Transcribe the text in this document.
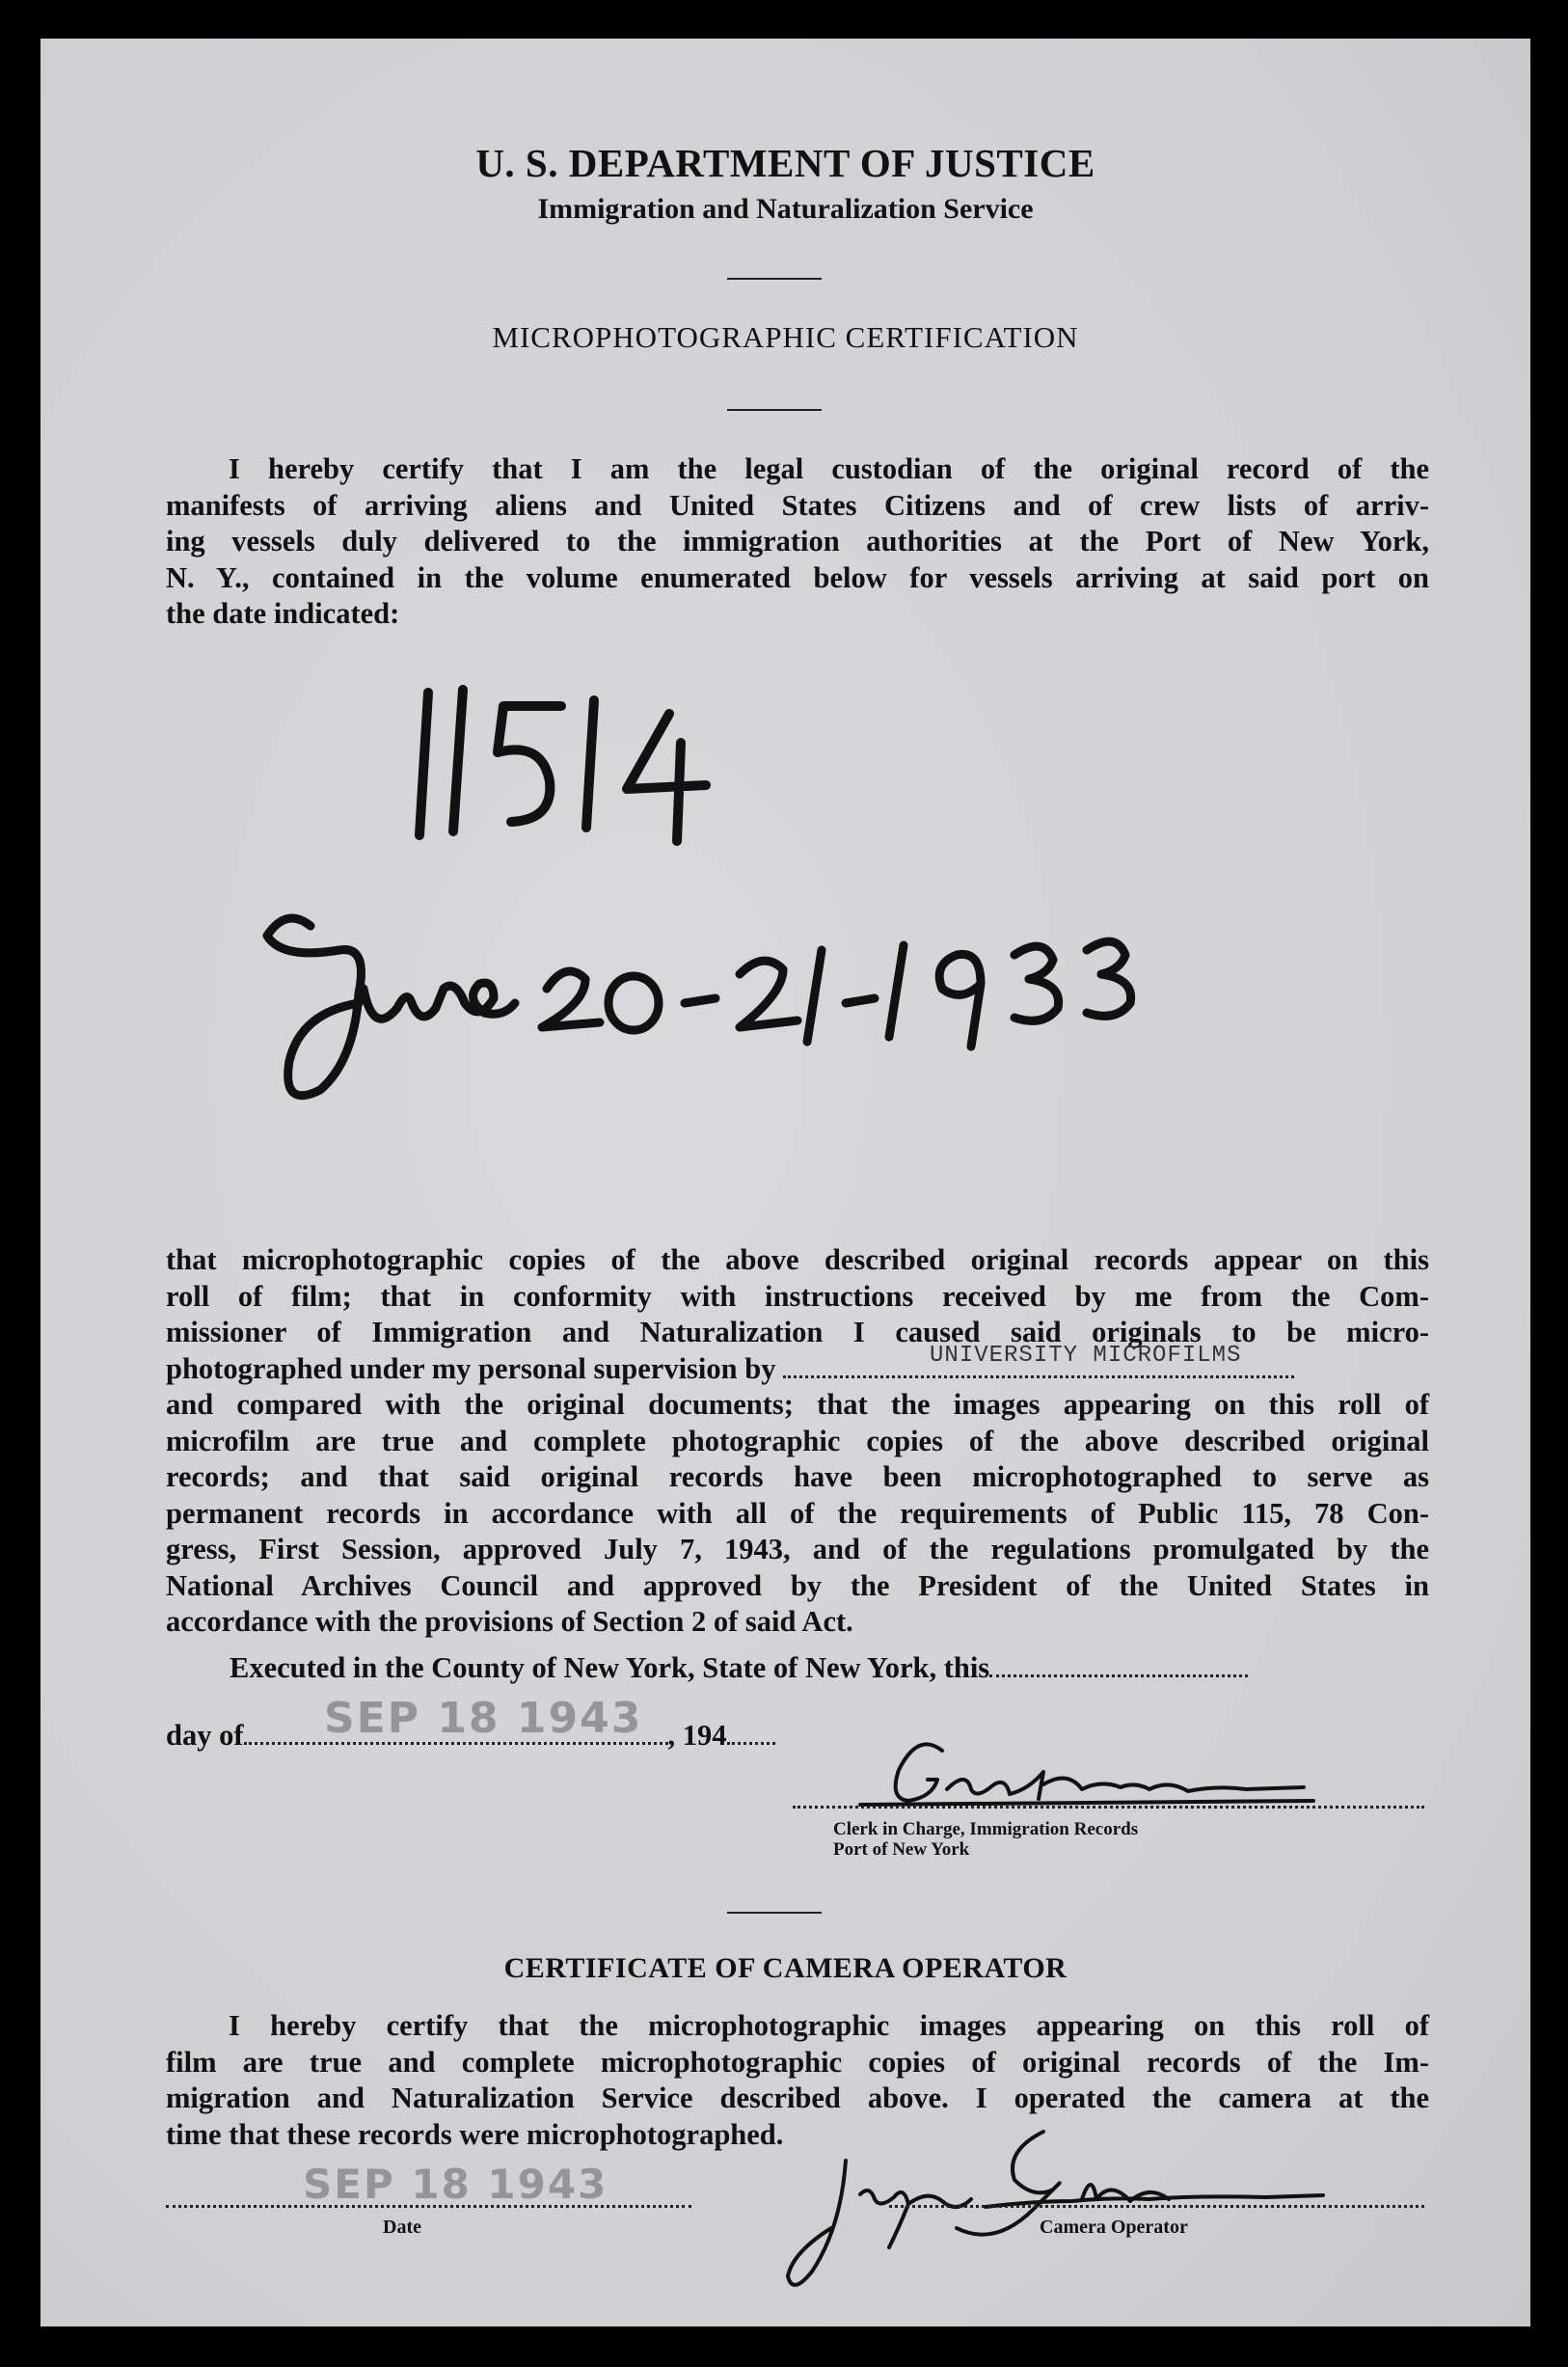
U. S. DEPARTMENT OF JUSTICE
Immigration and Naturalization Service
MICROPHOTOGRAPHIC CERTIFICATION
I hereby certify that I am the legal custodian of the original record of the
manifests of arriving aliens and United States Citizens and of crew lists of arriv-
ing vessels duly delivered to the immigration authorities at the Port of New York,
N. Y., contained in the volume enumerated below for vessels arriving at said port on
the date indicated:
that microphotographic copies of the above described original records appear on this
roll of film; that in conformity with instructions received by me from the Com-
missioner of Immigration and Naturalization I caused said originals to be micro-
photographed under my personal supervision by	UNIVERSITY MICROFILMS
and compared with the original documents; that the images appearing on this roll of
microfilm are true and complete photographic copies of the above described original
records; and that said original records have been microphotographed to serve as
permanent records in accordance with all of the requirements of Public 115, 78 Con-
gress, First Session, approved July 7, 1943, and of the regulations promulgated by the
National Archives Council and approved by the President of the United States in
accordance with the provisions of Section 2 of said Act.
Executed in the County of New York, State of New York, this
day of	, 194
SEP 18 1943
Clerk in Charge, Immigration Records
Port of New York
CERTIFICATE OF CAMERA OPERATOR
I hereby certify that the microphotographic images appearing on this roll of
film are true and complete microphotographic copies of original records of the Im-
migration and Naturalization Service described above. I operated the camera at the
time that these records were microphotographed.
SEP 18 1943
Date	Camera Operator
